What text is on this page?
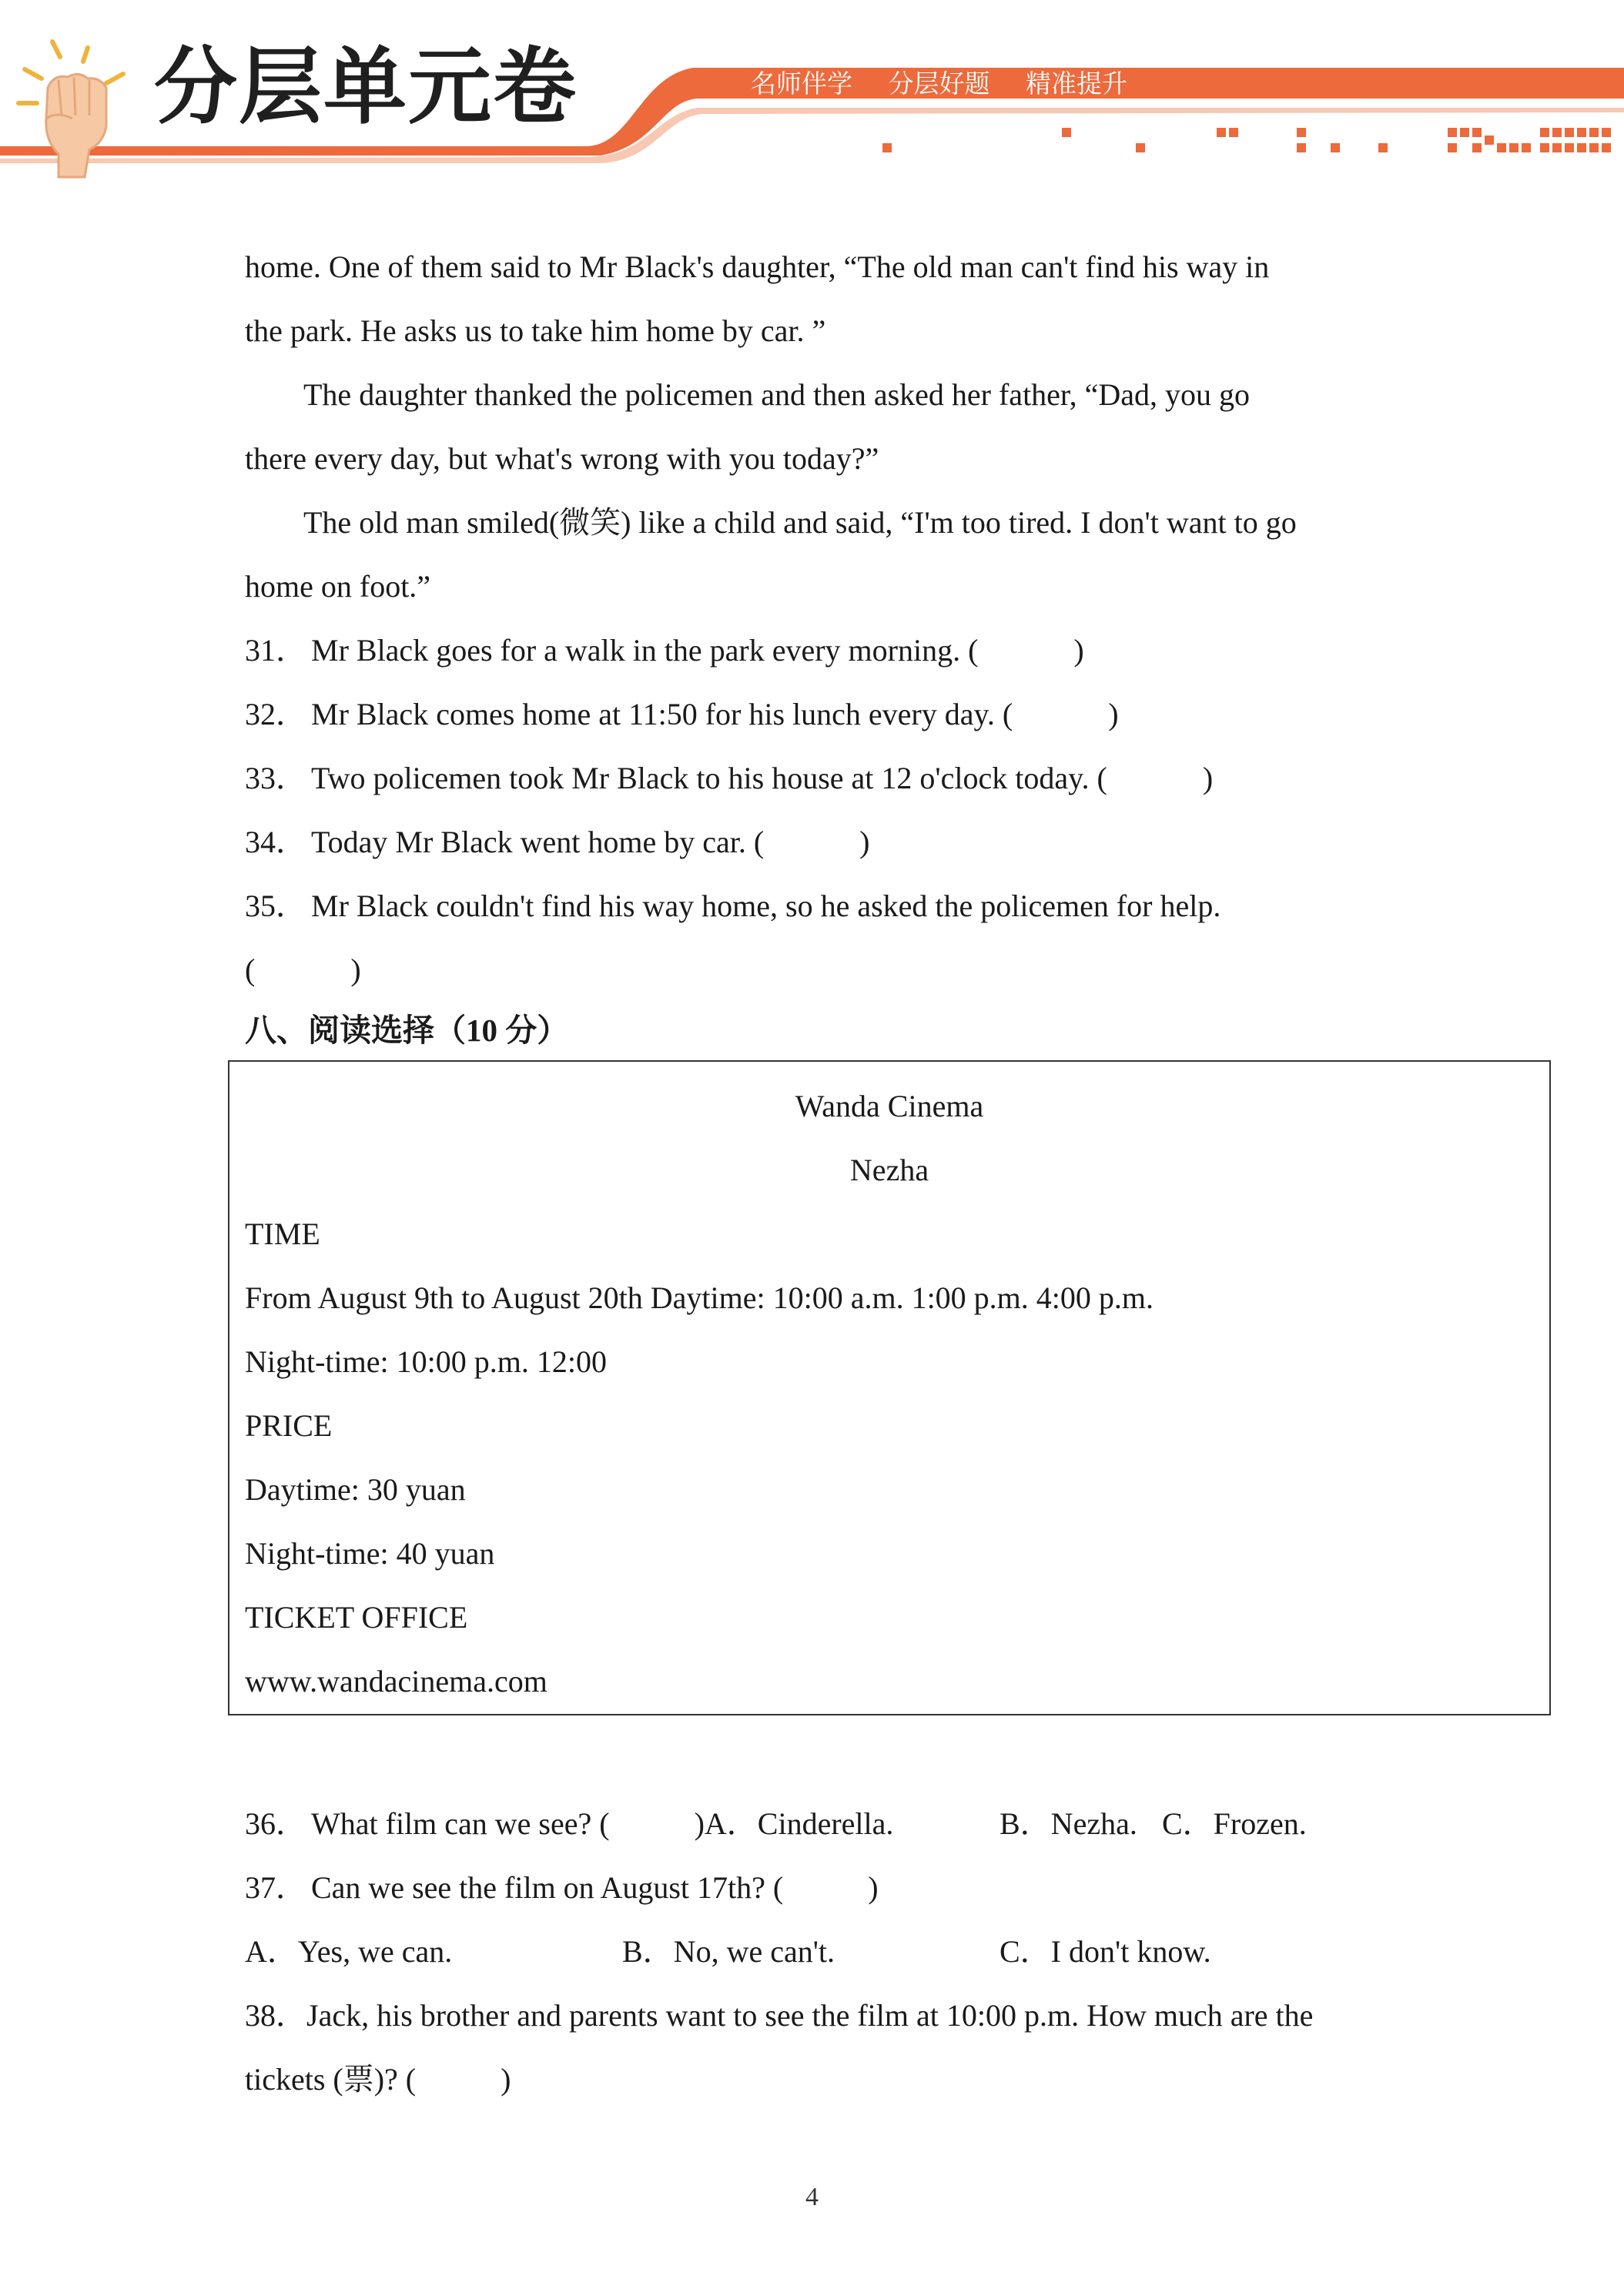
分层单元卷	名师伴学 分层好题 精准提升
home. One of them said to Mr Black's daughter, “The old man can't find his way in
the park. He asks us to take him home by car. ”
The daughter thanked the policemen and then asked her father, “Dad, you go
there every day, but what's wrong with you today?”
The old man smiled(微笑) like a child and said, “I'm too tired. I don't want to go
home on foot.”
31． Mr Black goes for a walk in the park every morning. (	)
32． Mr Black comes home at 11:50 for his lunch every day. (	)
33． Two policemen took Mr Black to his house at 12 o'clock today. (	)
34． Today Mr Black went home by car. (	)
35． Mr Black couldn't find his way home, so he asked the policemen for help.
(	)
八、阅读选择（10 分）
Wanda Cinema
Nezha
TIME
From August 9th to August 20th Daytime: 10:00 a.m. 1:00 p.m. 4:00 p.m.
Night-time: 10:00 p.m. 12:00
PRICE
Daytime: 30 yuan
Night-time: 40 yuan
TICKET OFFICE
www.wandacinema.com
36． What film can we see? (	)A．Cinderella.	B．Nezha. C．Frozen.
37． Can we see the film on August 17th? (	)
A．Yes, we can.	B．No, we can't.	C．I don't know.
38．Jack, his brother and parents want to see the film at 10:00 p.m. How much are the
tickets (票)? (	)
4
